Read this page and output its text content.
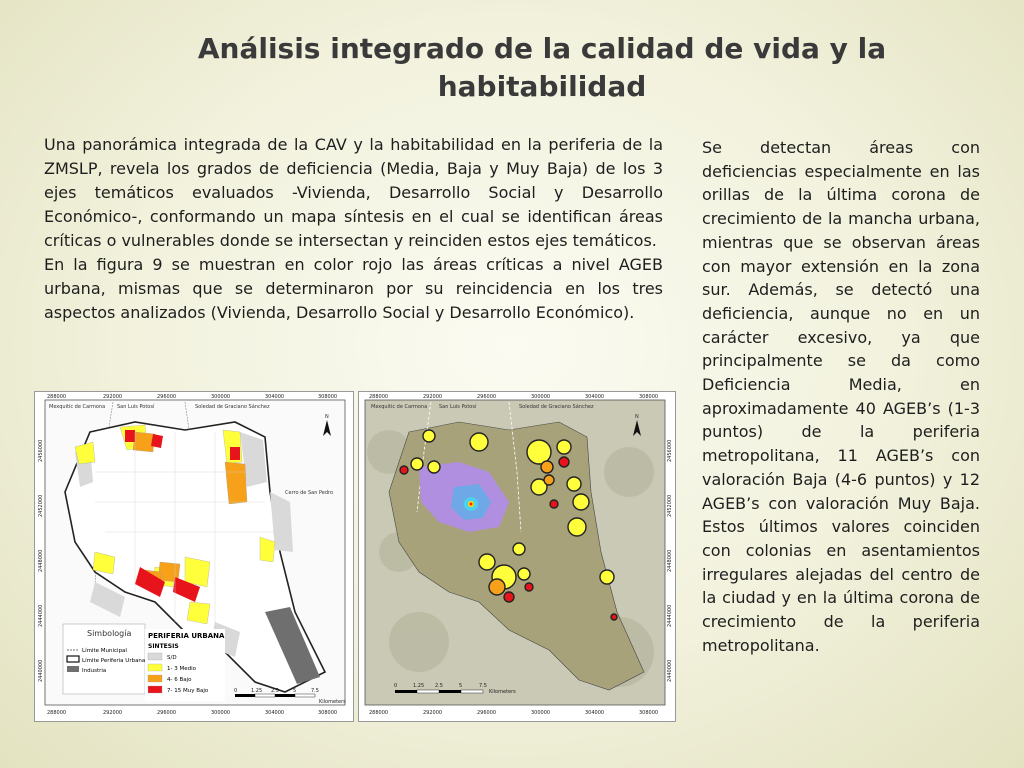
Análisis integrado de la calidad de vida y la habitabilidad

Una panorámica integrada de la CAV y la habitabilidad en la periferia de la ZMSLP, revela los grados de deficiencia (Media, Baja y Muy Baja) de los 3 ejes temáticos evaluados -Vivienda, Desarrollo Social y Desarrollo Económico-, conformando un mapa síntesis en el cual se identifican áreas críticas o vulnerables donde se intersectan y reinciden estos ejes temáticos.

En la figura 9 se muestran en color rojo las áreas críticas a nivel AGEB urbana, mismas que se determinaron por su reincidencia en los tres aspectos analizados (Vivienda, Desarrollo Social y Desarrollo Económico).

Se detectan áreas con deficiencias especialmente en las orillas de la última corona de crecimiento de la mancha urbana, mientras que se observan áreas con mayor extensión en la zona sur. Además, se detectó una deficiencia, aunque no en un carácter excesivo, ya que principalmente se da como Deficiencia Media, en aproximadamente 40 AGEB’s (1-3 puntos) de la periferia metropolitana, 11 AGEB’s con valoración Baja (4-6 puntos) y 12 AGEB’s con valoración Muy Baja. Estos últimos valores coinciden con colonias en asentamientos irregulares alejadas del centro de la ciudad y en la última corona de crecimiento de la periferia metropolitana.
288000	292000	296000	300000	304000	308000
288000	292000	296000	300000	304000	308000
2456000
2452000
2448000
2444000
2440000
Mexquitic de Carmona San Luis Potosí	Soledad de Graciano Sánchez
Cerro de San Pedro
N
Simbología
Límite Municipal
Límite Periferia Urbana
Industria
PERIFERIA URBANA
SINTESIS
S/D
1- 3 Medio
4- 6 Bajo
7- 15 Muy Bajo	0	1.25 2.5	5	7.5
Kilometers
Mexquitic de Carmona San Luis Potosí	Soledad de Graciano Sánchez
288000	292000	296000	300000	304000	308000
288000	292000	296000	300000	304000	308000
2456000
2452000
2448000
2444000
2440000
N
0	1.25 2.5	5	7.5
Kilometers
